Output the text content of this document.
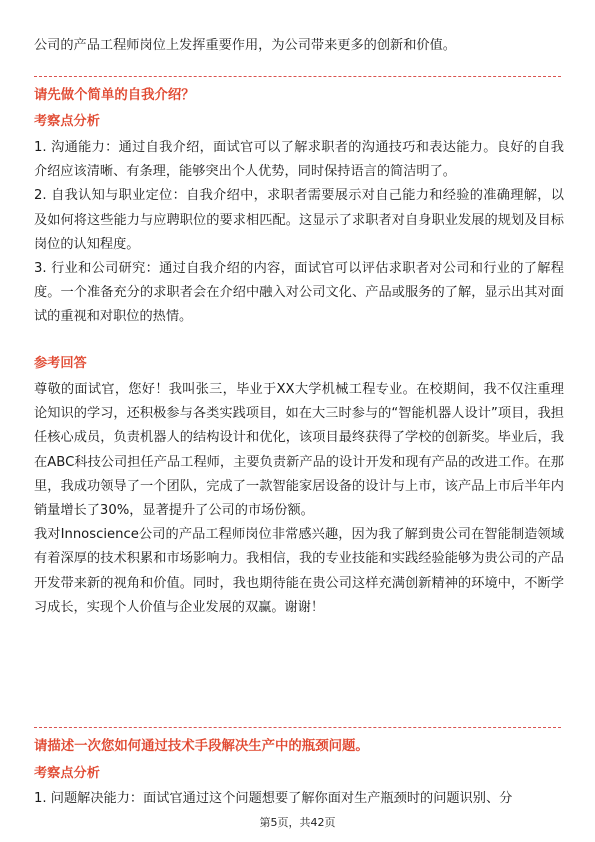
公司的产品工程师岗位上发挥重要作用，为公司带来更多的创新和价值。
请先做个简单的自我介绍？
考察点分析

1. 沟通能力：通过自我介绍，面试官可以了解求职者的沟通技巧和表达能力。良好的自我介绍应该清晰、有条理，能够突出个人优势，同时保持语言的简洁明了。

2. 自我认知与职业定位：自我介绍中，求职者需要展示对自己能力和经验的准确理解，以及如何将这些能力与应聘职位的要求相匹配。这显示了求职者对自身职业发展的规划及目标岗位的认知程度。

3. 行业和公司研究：通过自我介绍的内容，面试官可以评估求职者对公司和行业的了解程度。一个准备充分的求职者会在介绍中融入对公司文化、产品或服务的了解，显示出其对面试的重视和对职位的热情。

参考回答

尊敬的面试官，您好！我叫张三，毕业于XX大学机械工程专业。在校期间，我不仅注重理论知识的学习，还积极参与各类实践项目，如在大三时参与的“智能机器人设计”项目，我担任核心成员，负责机器人的结构设计和优化，该项目最终获得了学校的创新奖。毕业后，我在ABC科技公司担任产品工程师，主要负责新产品的设计开发和现有产品的改进工作。在那里，我成功领导了一个团队，完成了一款智能家居设备的设计与上市，该产品上市后半年内销量增长了30%，显著提升了公司的市场份额。

我对Innoscience公司的产品工程师岗位非常感兴趣，因为我了解到贵公司在智能制造领域有着深厚的技术积累和市场影响力。我相信，我的专业技能和实践经验能够为贵公司的产品开发带来新的视角和价值。同时，我也期待能在贵公司这样充满创新精神的环境中，不断学习成长，实现个人价值与企业发展的双赢。谢谢！

请描述一次您如何通过技术手段解决生产中的瓶颈问题。
考察点分析

1. 问题解决能力：面试官通过这个问题想要了解你面对生产瓶颈时的问题识别、分

第5页，共42页
